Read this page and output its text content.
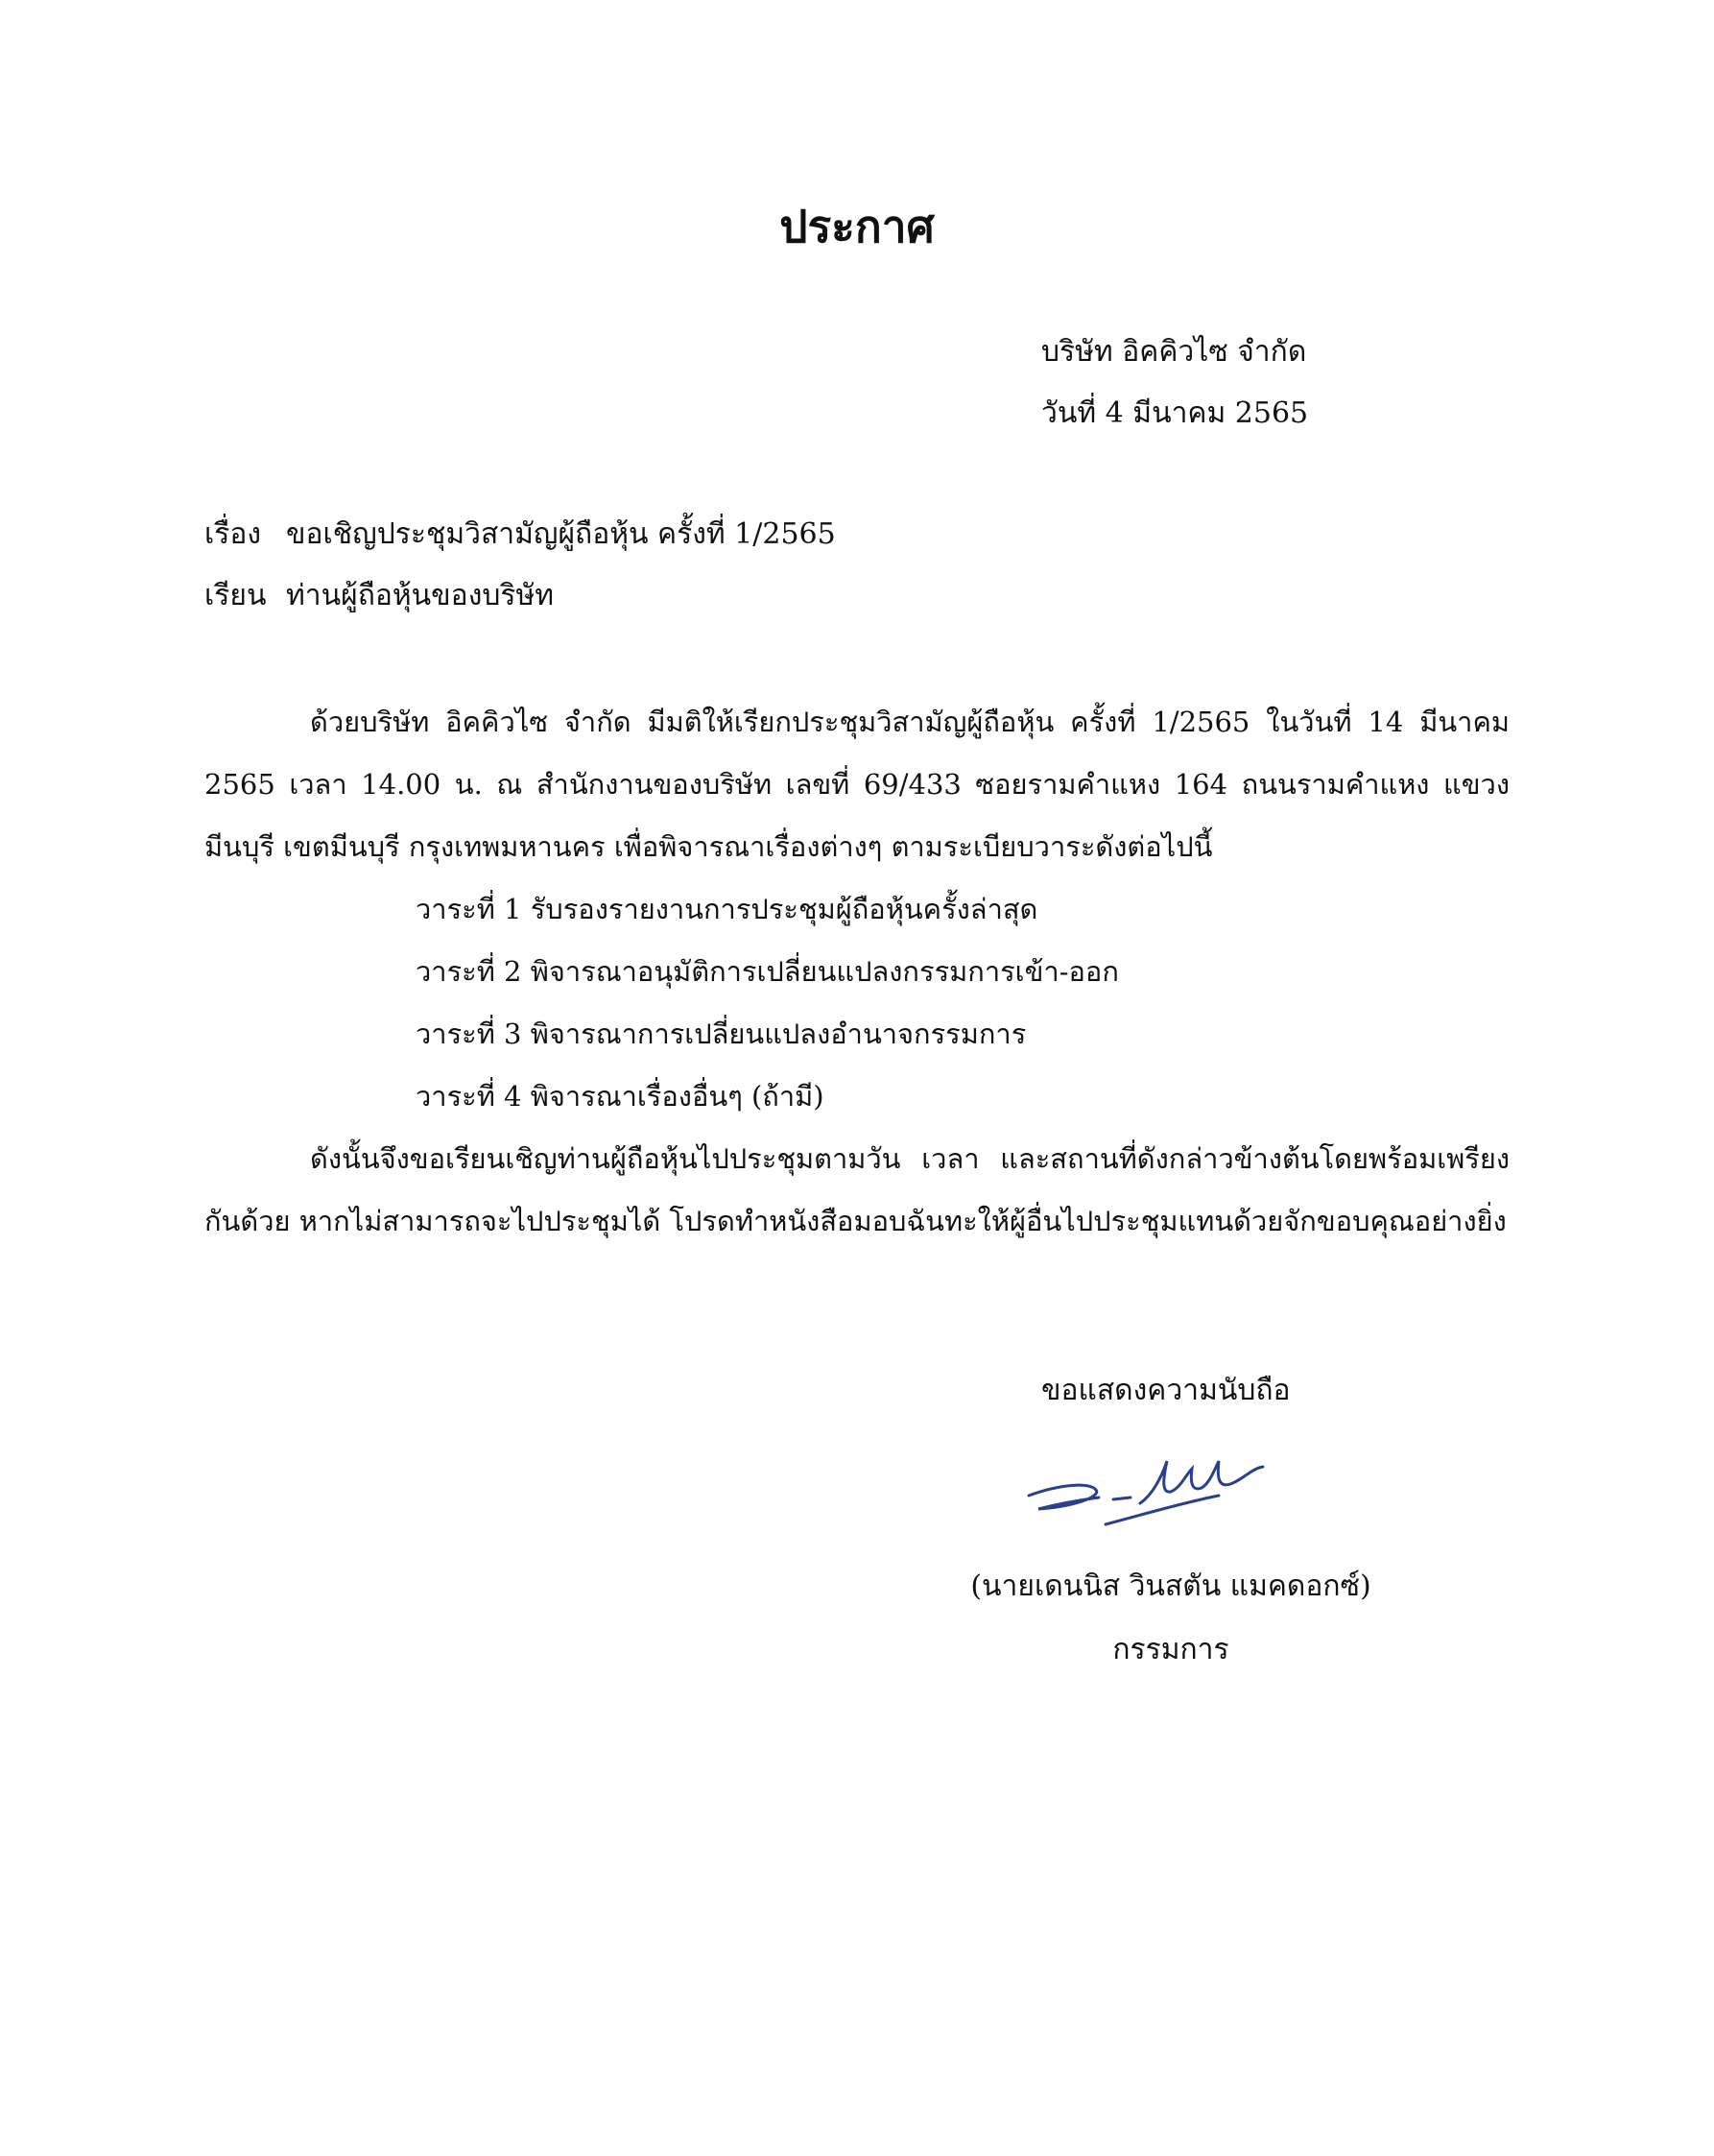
ประกาศ
บริษัท อิคคิวไซ จำกัด
วันที่ 4 มีนาคม 2565
เรื่อง ขอเชิญประชุมวิสามัญผู้ถือหุ้น ครั้งที่ 1/2565
เรียน ท่านผู้ถือหุ้นของบริษัท

ด้วยบริษัท อิคคิวไซ จำกัด มีมติให้เรียกประชุมวิสามัญผู้ถือหุ้น ครั้งที่ 1/2565 ในวันที่ 14 มีนาคม 2565 เวลา 14.00 น. ณ สำนักงานของบริษัท เลขที่ 69/433 ซอยรามคำแหง 164 ถนนรามคำแหง แขวงมีนบุรี เขตมีนบุรี กรุงเทพมหานคร เพื่อพิจารณาเรื่องต่างๆ ตามระเบียบวาระดังต่อไปนี้

วาระที่ 1 รับรองรายงานการประชุมผู้ถือหุ้นครั้งล่าสุด
วาระที่ 2 พิจารณาอนุมัติการเปลี่ยนแปลงกรรมการเข้า-ออก
วาระที่ 3 พิจารณาการเปลี่ยนแปลงอำนาจกรรมการ
วาระที่ 4 พิจารณาเรื่องอื่นๆ (ถ้ามี)

ดังนั้นจึงขอเรียนเชิญท่านผู้ถือหุ้นไปประชุมตามวัน เวลา และสถานที่ดังกล่าวข้างต้นโดยพร้อมเพรียงกันด้วย หากไม่สามารถจะไปประชุมได้ โปรดทำหนังสือมอบฉันทะให้ผู้อื่นไปประชุมแทนด้วยจักขอบคุณอย่างยิ่ง

ขอแสดงความนับถือ
(นายเดนนิส วินสตัน แมคดอกซ์)
กรรมการ
